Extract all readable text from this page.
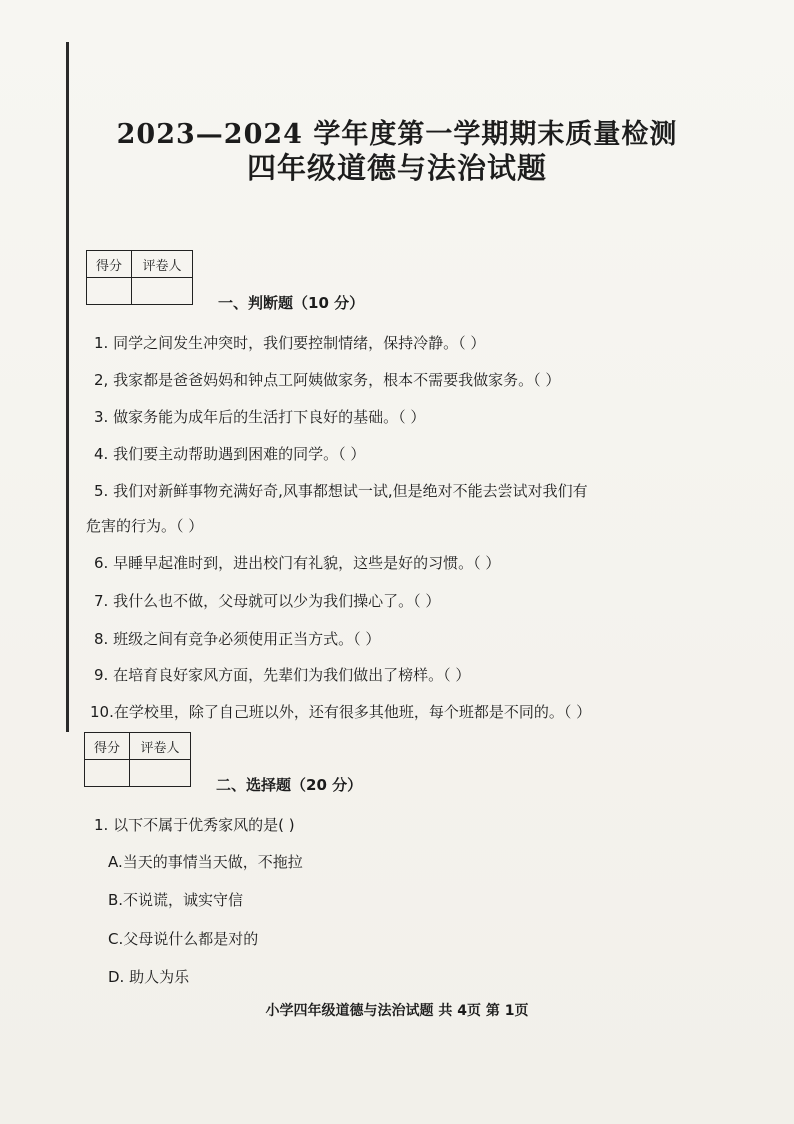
2023—2024 学年度第一学期期末质量检测
四年级道德与法治试题
得分	评卷人

一、判断题（10 分）
1. 同学之间发生冲突时，我们要控制情绪，保持冷静。（ ）
2, 我家都是爸爸妈妈和钟点工阿姨做家务，根本不需要我做家务。（ ）
3. 做家务能为成年后的生活打下良好的基础。（ ）
4. 我们要主动帮助遇到困难的同学。（ ）
5. 我们对新鲜事物充满好奇,风事都想试一试,但是绝对不能去尝试对我们有
危害的行为。（ ）
6. 早睡早起准时到，进出校门有礼貌，这些是好的习惯。（ ）
7. 我什么也不做，父母就可以少为我们操心了。（ ）
8. 班级之间有竞争必须使用正当方式。（ ）
9. 在培育良好家风方面，先辈们为我们做出了榜样。（ ）
10.在学校里，除了自己班以外，还有很多其他班，每个班都是不同的。（ ）
得分	评卷人

二、选择题（20 分）
1. 以下不属于优秀家风的是( )
A.当天的事情当天做，不拖拉
B.不说谎，诚实守信
C.父母说什么都是对的
D. 助人为乐
小学四年级道德与法治试题 共 4页 第 1页
